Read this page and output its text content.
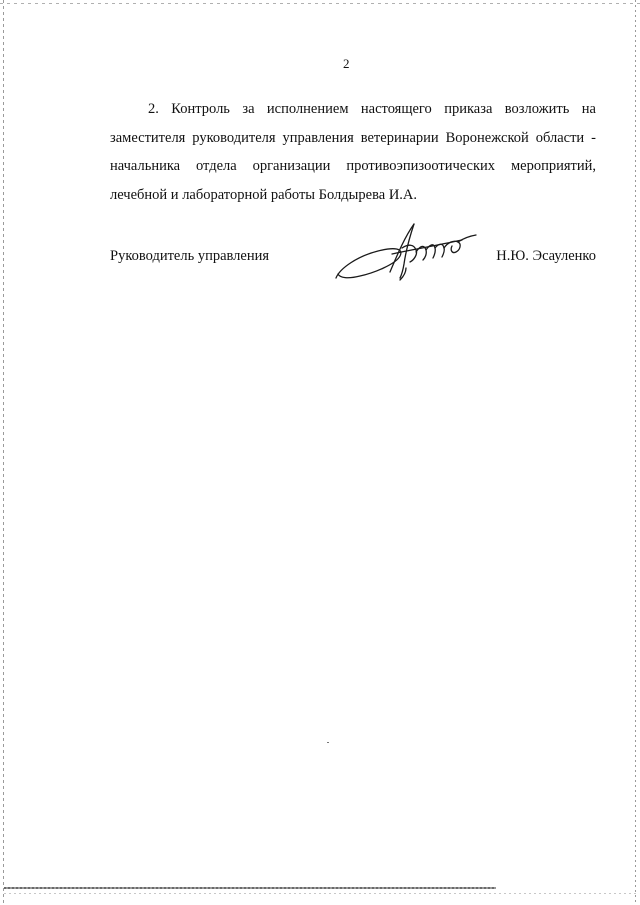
2

2. Контроль за исполнением настоящего приказа возложить на заместителя руководителя управления ветеринарии Воронежской области - начальника отдела организации противоэпизоотических мероприятий, лечебной и лабораторной работы Болдырева И.А.

Руководитель управления	Н.Ю. Эсауленко
